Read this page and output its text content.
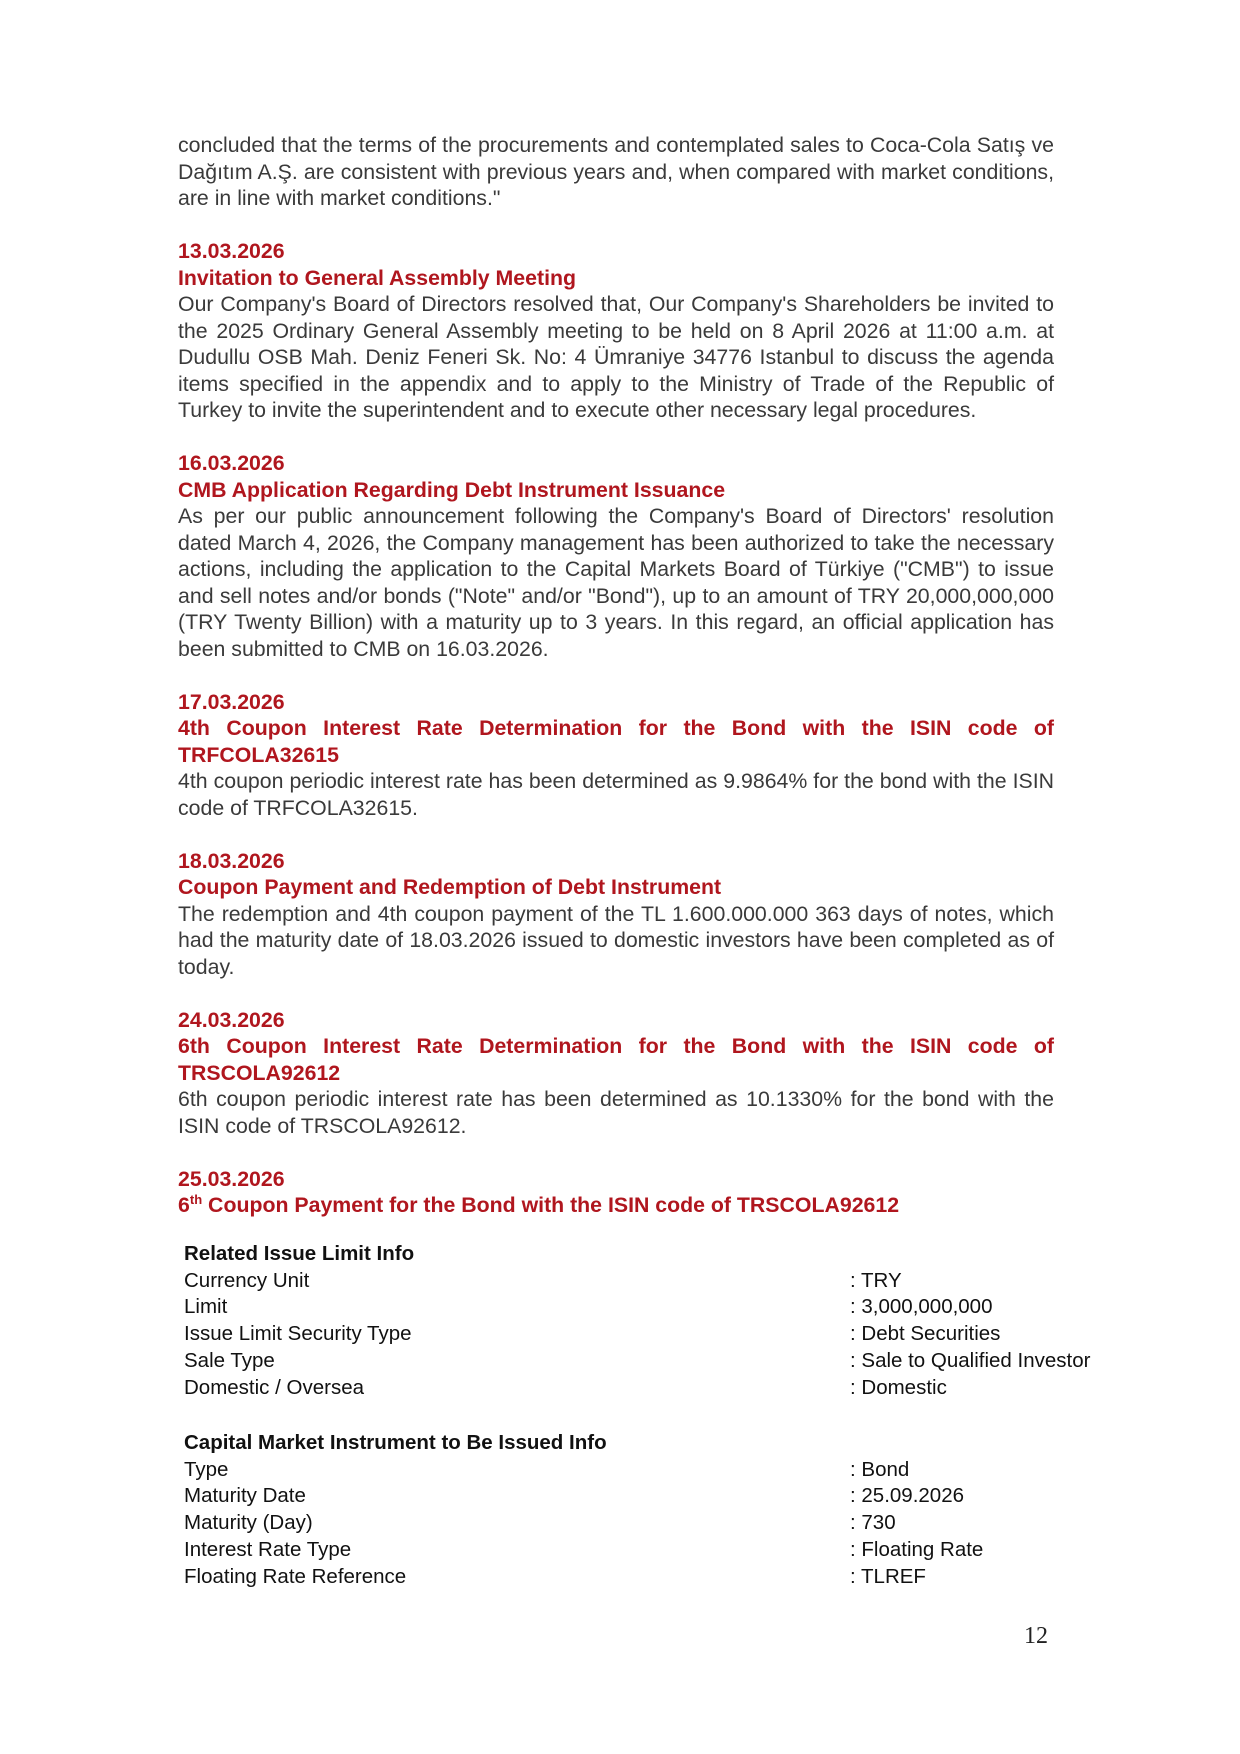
concluded that the terms of the procurements and contemplated sales to Coca-Cola Satış ve Dağıtım A.Ş. are consistent with previous years and, when compared with market conditions, are in line with market conditions."

13.03.2026

Invitation to General Assembly Meeting

Our Company's Board of Directors resolved that, Our Company's Shareholders be invited to the 2025 Ordinary General Assembly meeting to be held on 8 April 2026 at 11:00 a.m. at Dudullu OSB Mah. Deniz Feneri Sk. No: 4 Ümraniye 34776 Istanbul to discuss the agenda items specified in the appendix and to apply to the Ministry of Trade of the Republic of Turkey to invite the superintendent and to execute other necessary legal procedures.

16.03.2026

CMB Application Regarding Debt Instrument Issuance

As per our public announcement following the Company's Board of Directors' resolution dated March 4, 2026, the Company management has been authorized to take the necessary actions, including the application to the Capital Markets Board of Türkiye ("CMB") to issue and sell notes and/or bonds ("Note" and/or "Bond"), up to an amount of TRY 20,000,000,000 (TRY Twenty Billion) with a maturity up to 3 years. In this regard, an official application has been submitted to CMB on 16.03.2026.

17.03.2026

4th Coupon Interest Rate Determination for the Bond with the ISIN code of TRFCOLA32615

4th coupon periodic interest rate has been determined as 9.9864% for the bond with the ISIN code of TRFCOLA32615.

18.03.2026

Coupon Payment and Redemption of Debt Instrument

The redemption and 4th coupon payment of the TL 1.600.000.000 363 days of notes, which had the maturity date of 18.03.2026 issued to domestic investors have been completed as of today.

24.03.2026

6th Coupon Interest Rate Determination for the Bond with the ISIN code of TRSCOLA92612

6th coupon periodic interest rate has been determined as 10.1330% for the bond with the ISIN code of TRSCOLA92612.

25.03.2026

6th Coupon Payment for the Bond with the ISIN code of TRSCOLA92612

Related Issue Limit Info

Currency Unit	: TRY
Limit	: 3,000,000,000
Issue Limit Security Type	: Debt Securities
Sale Type	: Sale to Qualified Investor
Domestic / Oversea	: Domestic

Capital Market Instrument to Be Issued Info

Type	: Bond
Maturity Date	: 25.09.2026
Maturity (Day)	: 730
Interest Rate Type	: Floating Rate
Floating Rate Reference	: TLREF
12
